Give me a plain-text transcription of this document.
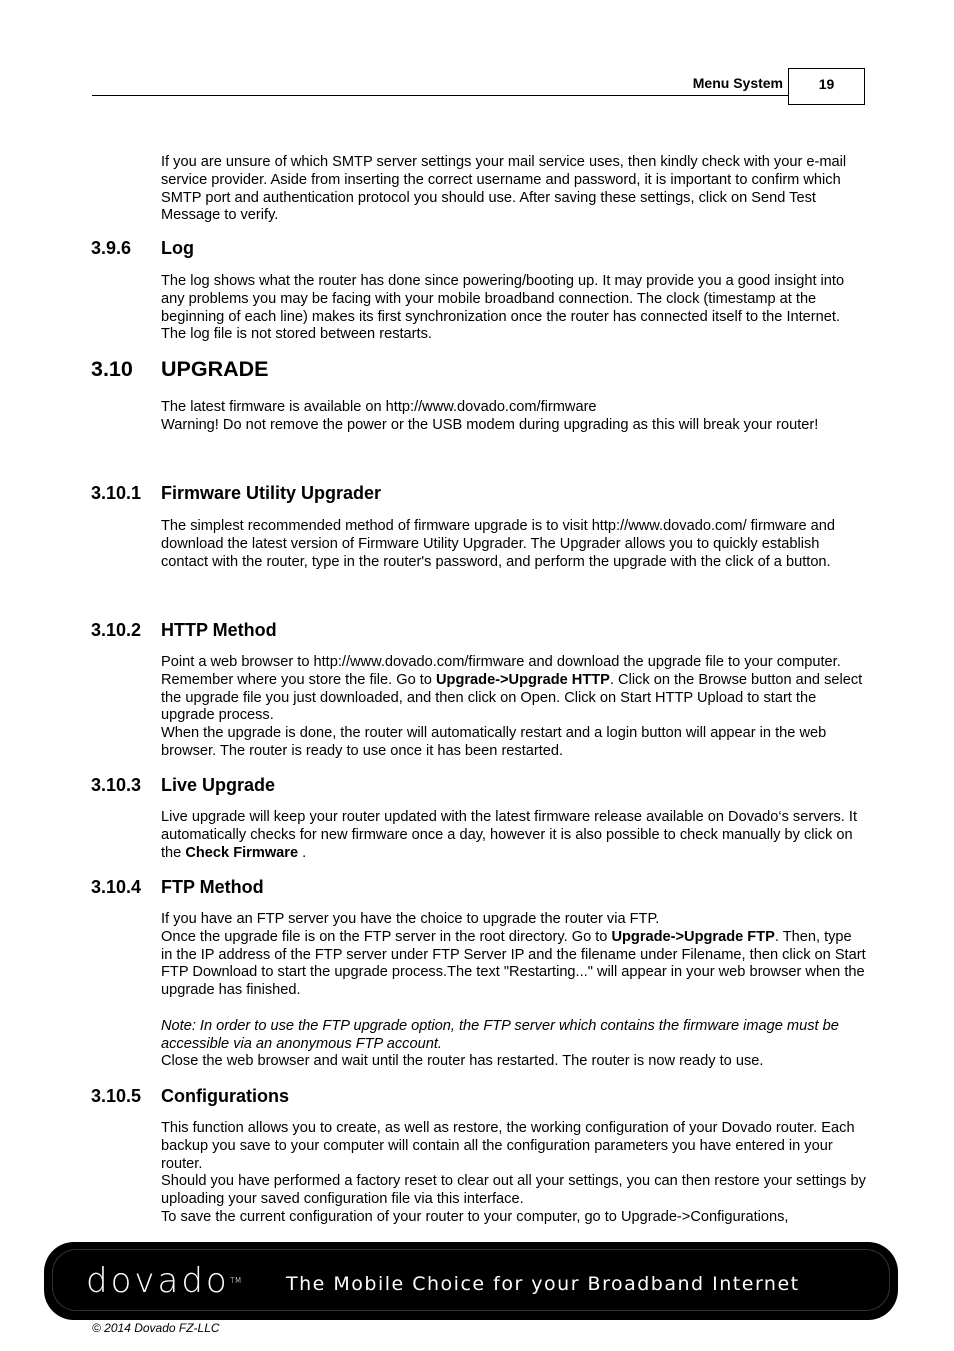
Menu System	19

If you are unsure of which SMTP server settings your mail service uses, then kindly check with your e-mail service provider. Aside from inserting the correct username and password, it is important to confirm which SMTP port and authentication protocol you should use. After saving these settings, click on Send Test Message to verify.

3.9.6 Log

The log shows what the router has done since powering/booting up. It may provide you a good insight into any problems you may be facing with your mobile broadband connection. The clock (timestamp at the beginning of each line) makes its first synchronization once the router has connected itself to the Internet. The log file is not stored between restarts.

3.10 UPGRADE

The latest firmware is available on http://www.dovado.com/firmware

Warning! Do not remove the power or the USB modem during upgrading as this will break your router!

3.10.1 Firmware Utility Upgrader

The simplest recommended method of firmware upgrade is to visit http://www.dovado.com/ firmware and download the latest version of Firmware Utility Upgrader. The Upgrader allows you to quickly establish contact with the router, type in the router's password, and perform the upgrade with the click of a button.

3.10.2 HTTP Method

Point a web browser to http://www.dovado.com/firmware and download the upgrade file to your computer. Remember where you store the file. Go to Upgrade->Upgrade HTTP. Click on the Browse button and select the upgrade file you just downloaded, and then click on Open. Click on Start HTTP Upload to start the upgrade process.

When the upgrade is done, the router will automatically restart and a login button will appear in the web browser. The router is ready to use once it has been restarted.

3.10.3 Live Upgrade

Live upgrade will keep your router updated with the latest firmware release available on Dovado‘s servers. It automatically checks for new firmware once a day, however it is also possible to check manually by click on the Check Firmware .

3.10.4 FTP Method

If you have an FTP server you have the choice to upgrade the router via FTP.

Once the upgrade file is on the FTP server in the root directory. Go to Upgrade->Upgrade FTP. Then, type in the IP address of the FTP server under FTP Server IP and the filename under Filename, then click on Start FTP Download to start the upgrade process.The text "Restarting..." will appear in your web browser when the upgrade has finished.

Note: In order to use the FTP upgrade option, the FTP server which contains the firmware image must be accessible via an anonymous FTP account.

Close the web browser and wait until the router has restarted. The router is now ready to use.

3.10.5 Configurations

This function allows you to create, as well as restore, the working configuration of your Dovado router. Each backup you save to your computer will contain all the configuration parameters you have entered in your router.

Should you have performed a factory reset to clear out all your settings, you can then restore your settings by uploading your saved configuration file via this interface.

To save the current configuration of your router to your computer, go to Upgrade->Configurations,

dovado™ The Mobile Choice for your Broadband Internet
© 2014 Dovado FZ-LLC
